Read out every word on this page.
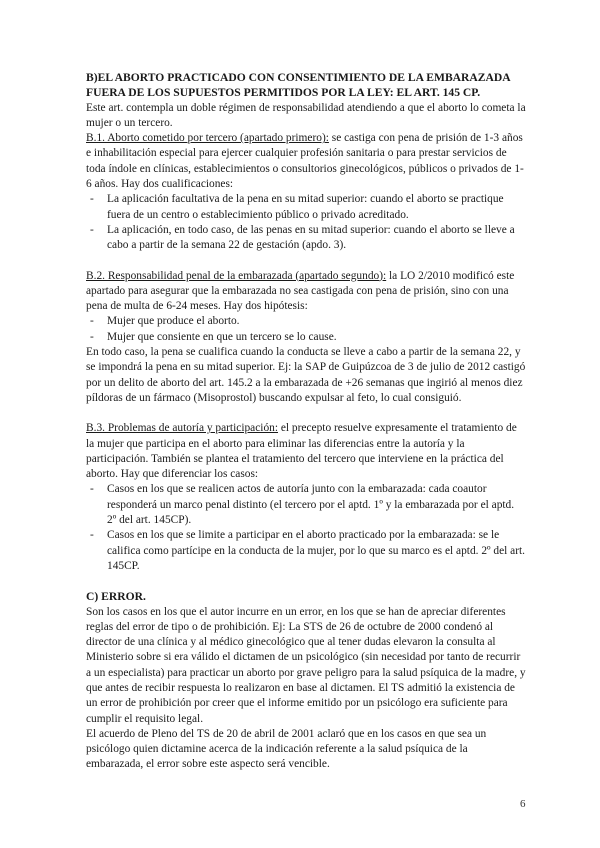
B)EL ABORTO PRACTICADO CON CONSENTIMIENTO DE LA EMBARAZADA

FUERA DE LOS SUPUESTOS PERMITIDOS POR LA LEY: EL ART. 145 CP.

Este art. contempla un doble régimen de responsabilidad atendiendo a que el aborto lo cometa la mujer o un tercero.

B.1. Aborto cometido por tercero (apartado primero): se castiga con pena de prisión de 1-3 años e inhabilitación especial para ejercer cualquier profesión sanitaria o para prestar servicios de toda índole en clínicas, establecimientos o consultorios ginecológicos, públicos o privados de 1-6 años. Hay dos cualificaciones:

- La aplicación facultativa de la pena en su mitad superior: cuando el aborto se practique fuera de un centro o establecimiento público o privado acreditado.
- La aplicación, en todo caso, de las penas en su mitad superior: cuando el aborto se lleve a cabo a partir de la semana 22 de gestación (apdo. 3).

B.2. Responsabilidad penal de la embarazada (apartado segundo): la LO 2/2010 modificó este apartado para asegurar que la embarazada no sea castigada con pena de prisión, sino con una pena de multa de 6-24 meses. Hay dos hipótesis:

- Mujer que produce el aborto.
- Mujer que consiente en que un tercero se lo cause.

En todo caso, la pena se cualifica cuando la conducta se lleve a cabo a partir de la semana 22, y se impondrá la pena en su mitad superior. Ej: la SAP de Guipúzcoa de 3 de julio de 2012 castigó por un delito de aborto del art. 145.2 a la embarazada de +26 semanas que ingirió al menos diez píldoras de un fármaco (Misoprostol) buscando expulsar al feto, lo cual consiguió.

B.3. Problemas de autoría y participación: el precepto resuelve expresamente el tratamiento de la mujer que participa en el aborto para eliminar las diferencias entre la autoría y la participación. También se plantea el tratamiento del tercero que interviene en la práctica del aborto. Hay que diferenciar los casos:

- Casos en los que se realicen actos de autoría junto con la embarazada: cada coautor responderá un marco penal distinto (el tercero por el aptd. 1º y la embarazada por el aptd. 2º del art. 145CP).
- Casos en los que se limite a participar en el aborto practicado por la embarazada: se le califica como partícipe en la conducta de la mujer, por lo que su marco es el aptd. 2º del art. 145CP.

C) ERROR.

Son los casos en los que el autor incurre en un error, en los que se han de apreciar diferentes reglas del error de tipo o de prohibición. Ej: La STS de 26 de octubre de 2000 condenó al director de una clínica y al médico ginecológico que al tener dudas elevaron la consulta al Ministerio sobre si era válido el dictamen de un psicológico (sin necesidad por tanto de recurrir a un especialista) para practicar un aborto por grave peligro para la salud psíquica de la madre, y que antes de recibir respuesta lo realizaron en base al dictamen. El TS admitió la existencia de un error de prohibición por creer que el informe emitido por un psicólogo era suficiente para cumplir el requisito legal.

El acuerdo de Pleno del TS de 20 de abril de 2001 aclaró que en los casos en que sea un psicólogo quien dictamine acerca de la indicación referente a la salud psíquica de la embarazada, el error sobre este aspecto será vencible.

6
